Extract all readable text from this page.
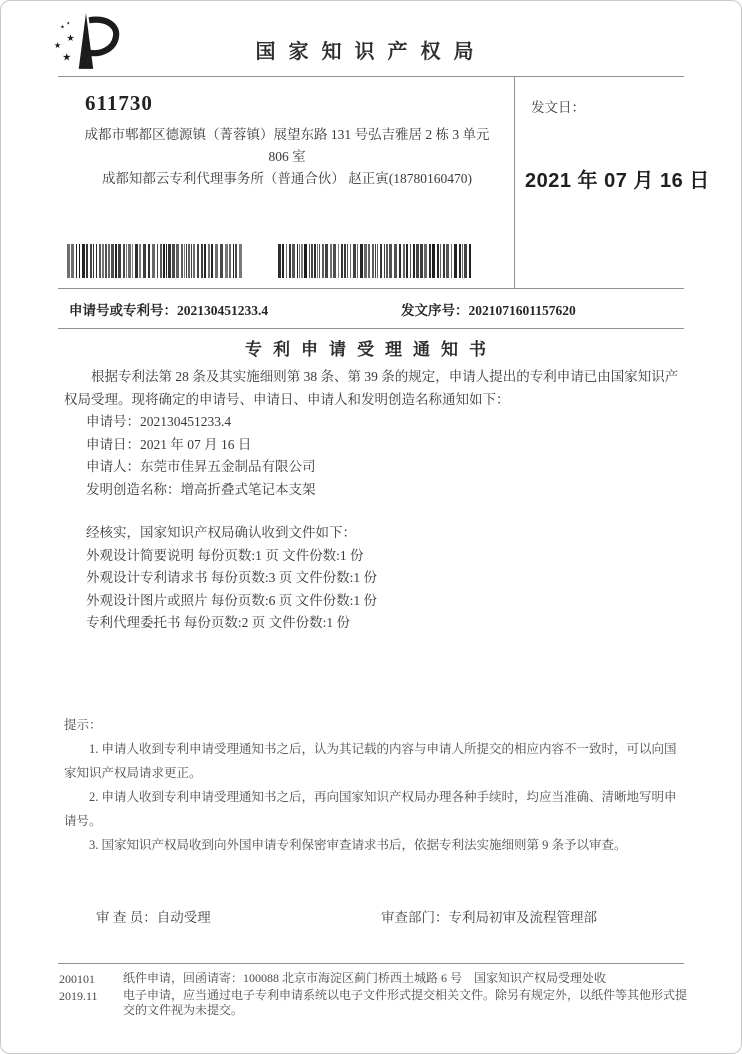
★
★
★
★
★	国家知识产权局
611730
成都市郫都区德源镇（菁蓉镇）展望东路 131 号弘吉雅居 2 栋 3 单元
806 室
成都知都云专利代理事务所（普通合伙） 赵正寅(18780160470)
发文日：
2021 年 07 月 16 日
申请号或专利号：202130451233.4	发文序号：2021071601157620
专利申请受理通知书

根据专利法第 28 条及其实施细则第 38 条、第 39 条的规定，申请人提出的专利申请已由国家知识产权局受理。现将确定的申请号、申请日、申请人和发明创造名称通知如下：

申请号：202130451233.4
申请日：2021 年 07 月 16 日
申请人：东莞市佳昇五金制品有限公司
发明创造名称：增高折叠式笔记本支架
经核实，国家知识产权局确认收到文件如下：
外观设计简要说明 每份页数:1 页 文件份数:1 份
外观设计专利请求书 每份页数:3 页 文件份数:1 份
外观设计图片或照片 每份页数:6 页 文件份数:1 份
专利代理委托书 每份页数:2 页 文件份数:1 份
提示：

1. 申请人收到专利申请受理通知书之后，认为其记载的内容与申请人所提交的相应内容不一致时，可以向国家知识产权局请求更正。

2. 申请人收到专利申请受理通知书之后，再向国家知识产权局办理各种手续时，均应当准确、清晰地写明申请号。

3. 国家知识产权局收到向外国申请专利保密审查请求书后，依据专利法实施细则第 9 条予以审查。

审 查 员：自动受理	审查部门：专利局初审及流程管理部
200101	纸件申请，回函请寄：100088 北京市海淀区蓟门桥西土城路 6 号　国家知识产权局受理处收
2019.11	电子申请，应当通过电子专利申请系统以电子文件形式提交相关文件。除另有规定外，以纸件等其他形式提交的文件视为未提交。
